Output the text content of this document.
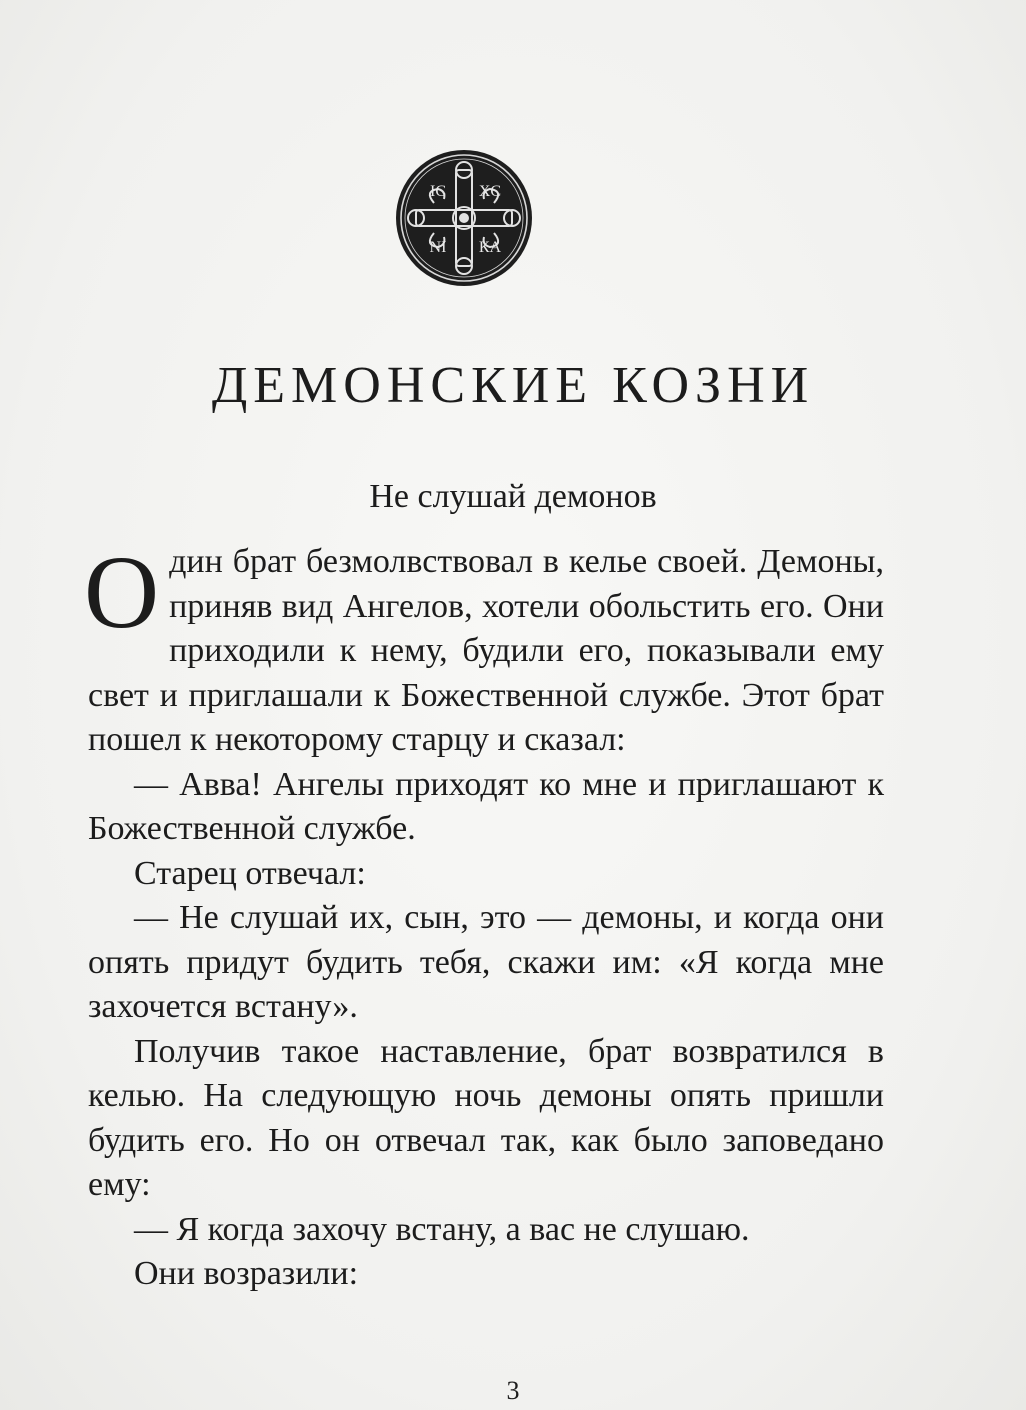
IC XC
NI КА
ДЕМОНСКИЕ КОЗНИ
Не слушай демонов

Один брат безмолвствовал в келье своей. Демоны, приняв вид Ангелов, хотели обольстить его. Они приходили к нему, будили его, показывали ему свет и приглашали к Божественной службе. Этот брат пошел к некоторому старцу и сказал:

— Авва! Ангелы приходят ко мне и приглашают к Божественной службе.

Старец отвечал:

— Не слушай их, сын, это — демоны, и когда они опять придут будить тебя, скажи им: «Я когда мне захочется встану».

Получив такое наставление, брат возвратился в келью. На следующую ночь демоны опять пришли будить его. Но он отвечал так, как было заповедано ему:

— Я когда захочу встану, а вас не слушаю.

Они возразили:

3
